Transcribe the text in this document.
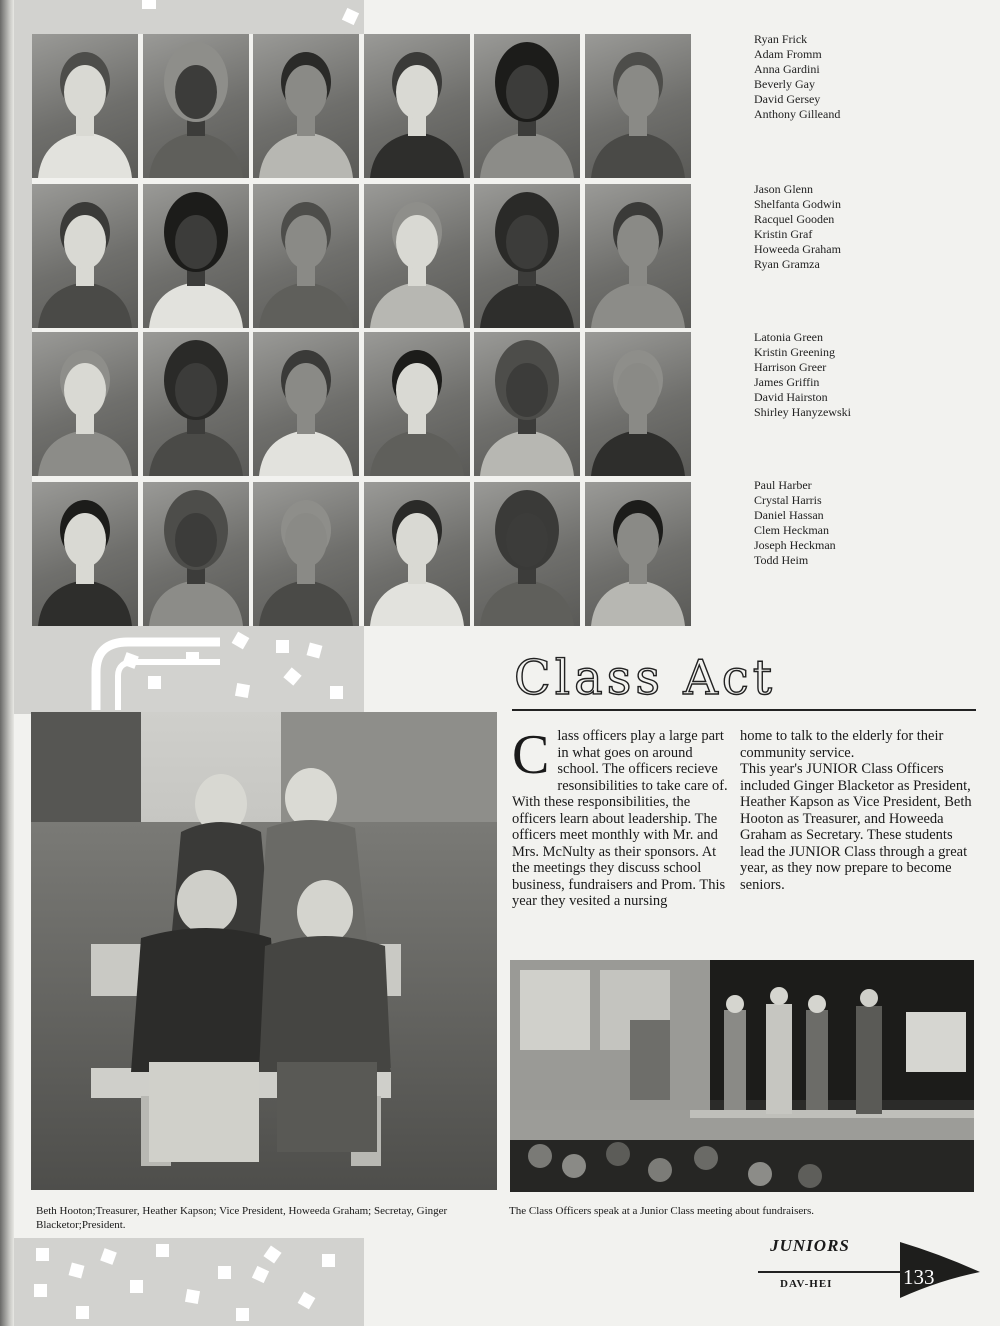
Ryan Frick
Adam Fromm
Anna Gardini
Beverly Gay
David Gersey
Anthony Gilleand
Jason Glenn
Shelfanta Godwin
Racquel Gooden
Kristin Graf
Howeeda Graham
Ryan Gramza
Latonia Green
Kristin Greening
Harrison Greer
James Griffin
David Hairston
Shirley Hanyzewski
Paul Harber
Crystal Harris
Daniel Hassan
Clem Heckman
Joseph Heckman
Todd Heim
Class Act
C lass officers play a large part in what goes on around school. The officers recieve resonsibilities to take care of. With these responsibilities, the officers learn about leadership. The officers meet monthly with Mr. and Mrs. McNulty as their sponsors. At the meetings they discuss school business, fundraisers and Prom. This year they vesited a nursing

home to talk to the elderly for their community service.

This year's JUNIOR Class Officers included Ginger Blacketor as President, Heather Kapson as Vice President, Beth Hooton as Treasurer, and Howeeda Graham as Secretary. These students lead the JUNIOR Class through a great year, as they now prepare to become seniors.

Beth Hooton;Treasurer, Heather Kapson; Vice President, Howeeda Graham; Secretay, Ginger Blacketor;President.
The Class Officers speak at a Junior Class meeting about fundraisers.
JUNIORS
DAV-HEI	133
